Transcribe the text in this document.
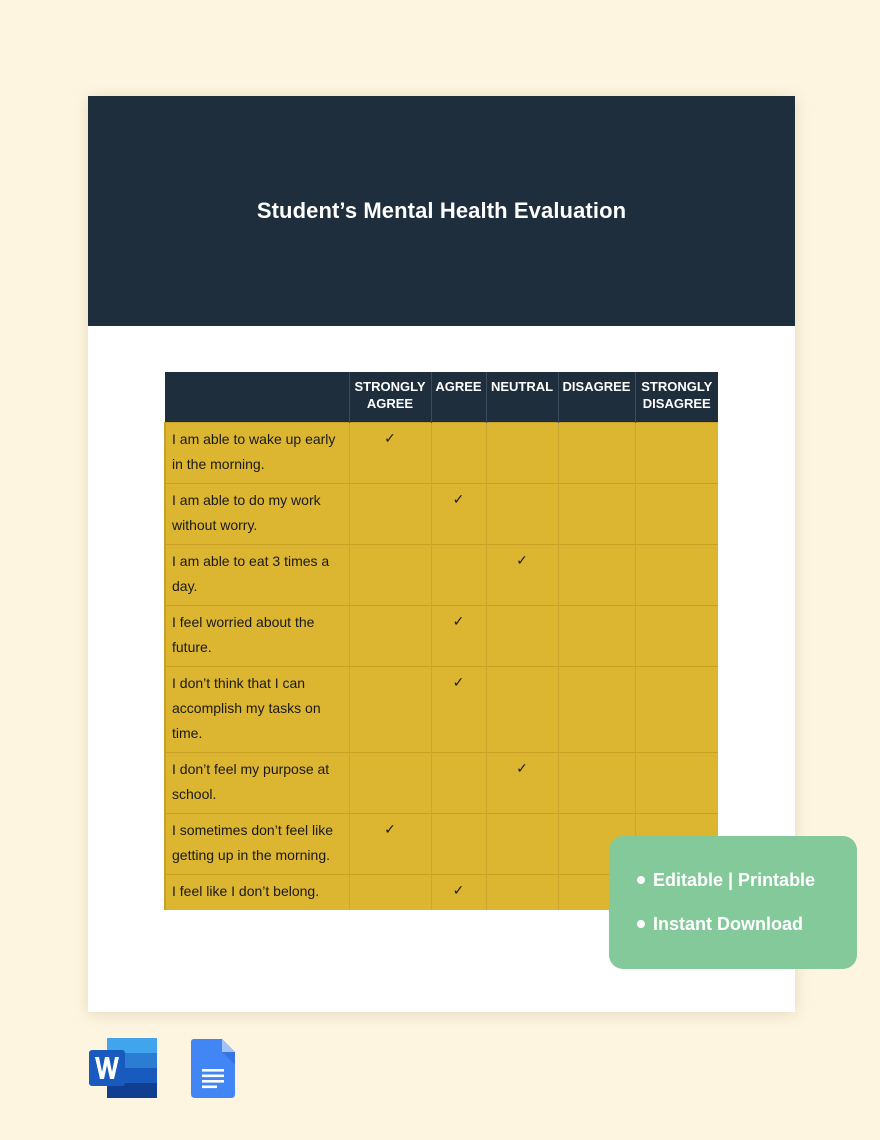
Student’s Mental Health Evaluation
	STRONGLY AGREE	AGREE	NEUTRAL	DISAGREE	STRONGLY DISAGREE
I am able to wake up early in the morning.	✓				
I am able to do my work without worry.		✓			
I am able to eat 3 times a day.			✓		
I feel worried about the future.		✓			
I don’t think that I can accomplish my tasks on time.		✓			
I don’t feel my purpose at school.			✓		
I sometimes don’t feel like getting up in the morning.	✓				
I feel like I don’t belong.		✓			
Editable | Printable
Instant Download
